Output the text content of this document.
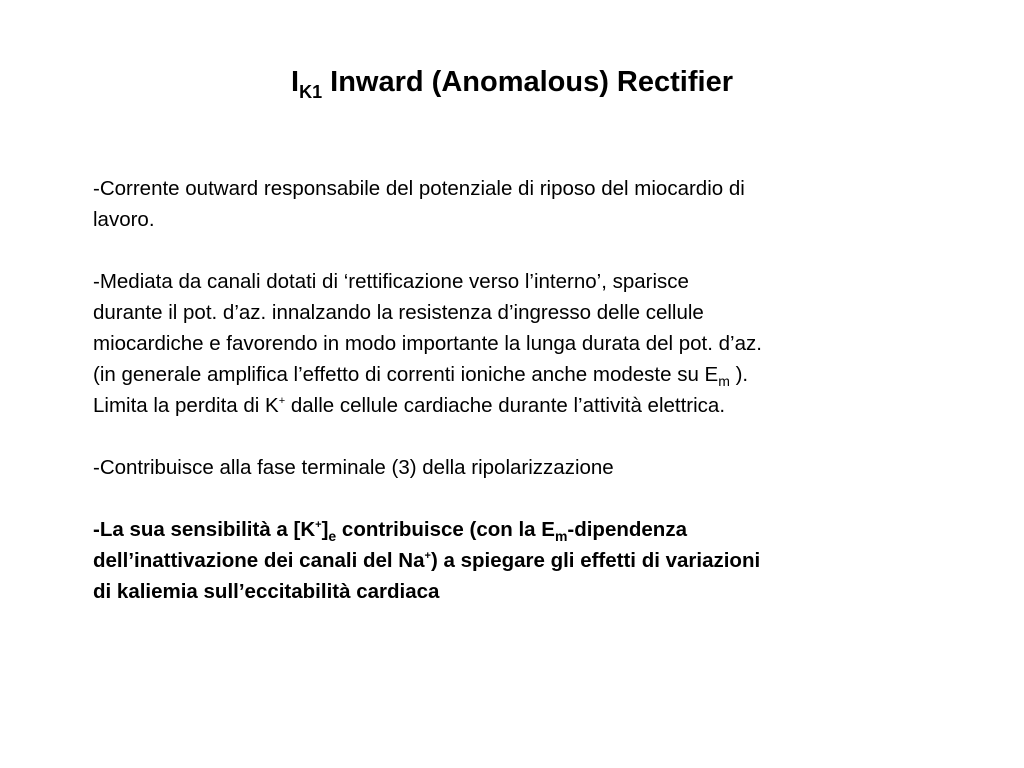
$I_{K1}$ Inward (Anomalous) Rectifier
-Corrente outward responsabile del potenziale di riposo del miocardio di
lavoro.
-Mediata da canali dotati di ‘rettificazione verso l’interno’, sparisce
durante il pot. d’az. innalzando la resistenza d’ingresso delle cellule
miocardiche e favorendo in modo importante la lunga durata del pot. d’az.
(in generale amplifica l’effetto di correnti ioniche anche modeste su $E_m$ ).
Limita la perdita di K+ dalle cellule cardiache durante l’attività elettrica.
-Contribuisce alla fase terminale (3) della ripolarizzazione
-La sua sensibilità a $[K^+]_e$ contribuisce (con la $E_m$-dipendenza
dell’inattivazione dei canali del Na+) a spiegare gli effetti di variazioni
di kaliemia sull’eccitabilità cardiaca
